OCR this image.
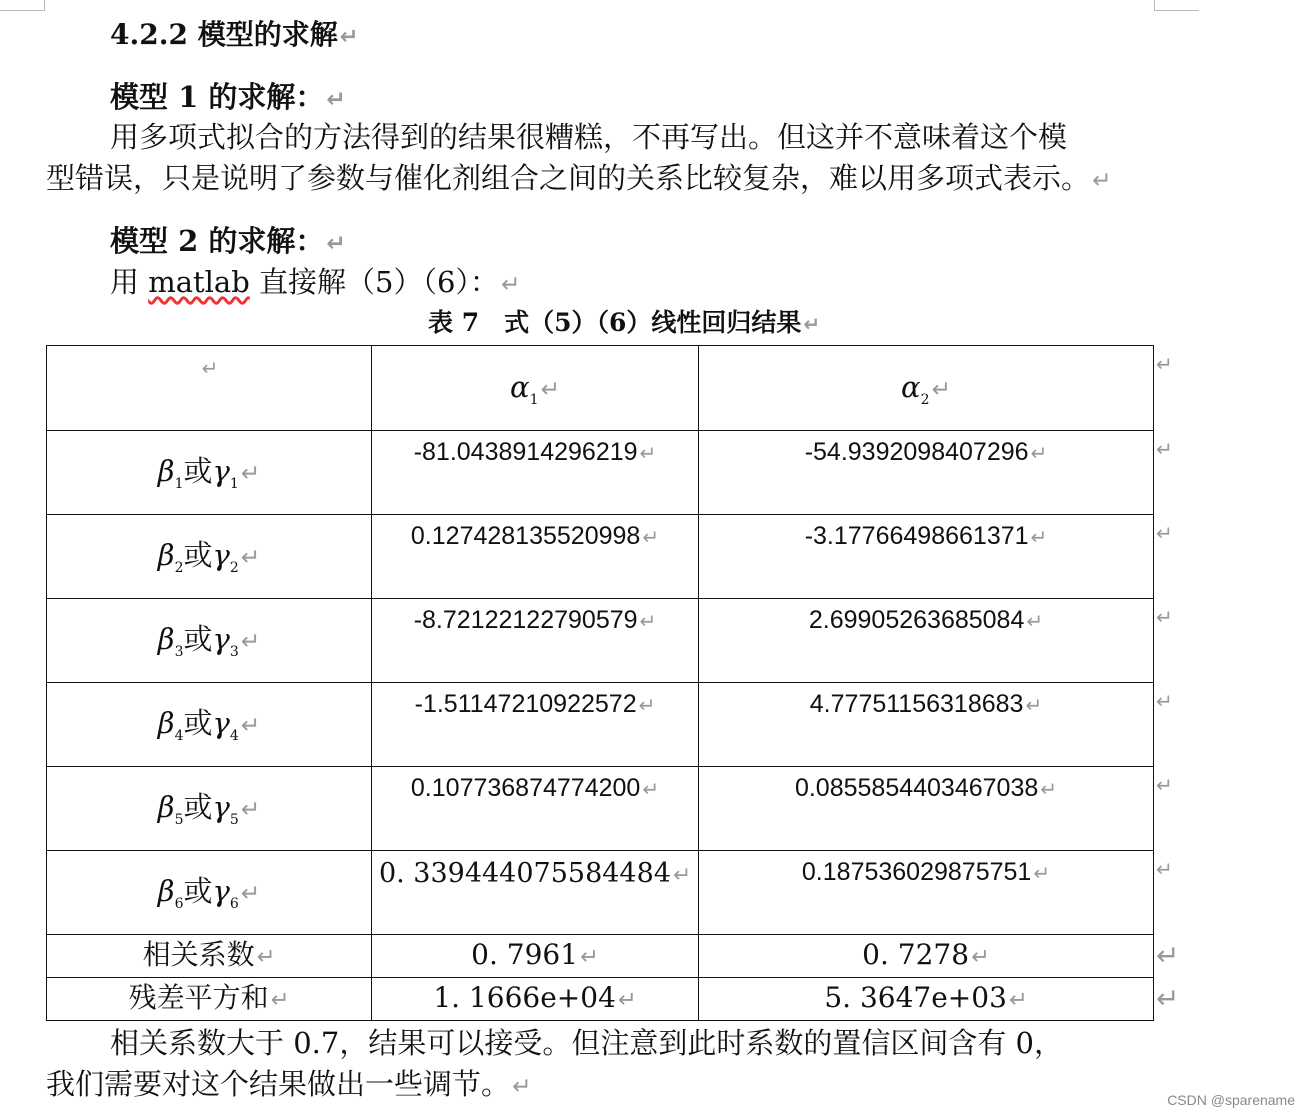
4.2.2 模型的求解 ↵
模型 1 的求解： ↵
用多项式拟合的方法得到的结果很糟糕，不再写出。但这并不意味着这个模
型错误，只是说明了参数与催化剂组合之间的关系比较复杂，难以用多项式表示。 ↵
模型 2 的求解： ↵
用 matlab 直接解（5）（6）： ↵
表 7　式（5）（6）线性回归结果 ↵
↵	$\alpha_1$ ↵	$\alpha_2$ ↵	↵
$\beta_1$或$\gamma_1$ ↵	-81.0438914296219 ↵	-54.9392098407296 ↵	↵
$\beta_2$或$\gamma_2$ ↵	0.127428135520998 ↵	-3.17766498661371 ↵	↵
$\beta_3$或$\gamma_3$ ↵	-8.72122122790579 ↵	2.69905263685084 ↵	↵
$\beta_4$或$\gamma_4$ ↵	-1.51147210922572 ↵	4.77751156318683 ↵	↵
$\beta_5$或$\gamma_5$ ↵	0.107736874774200 ↵	0.0855854403467038 ↵	↵
$\beta_6$或$\gamma_6$ ↵	0. 339444075584484 ↵	0.187536029875751 ↵	↵
相关系数 ↵	0. 7961 ↵	0. 7278 ↵	↵
残差平方和 ↵	1. 1666e+04 ↵	5. 3647e+03 ↵	↵
相关系数大于 0.7，结果可以接受。但注意到此时系数的置信区间含有 0，
我们需要对这个结果做出一些调节。 ↵	CSDN @sparename
